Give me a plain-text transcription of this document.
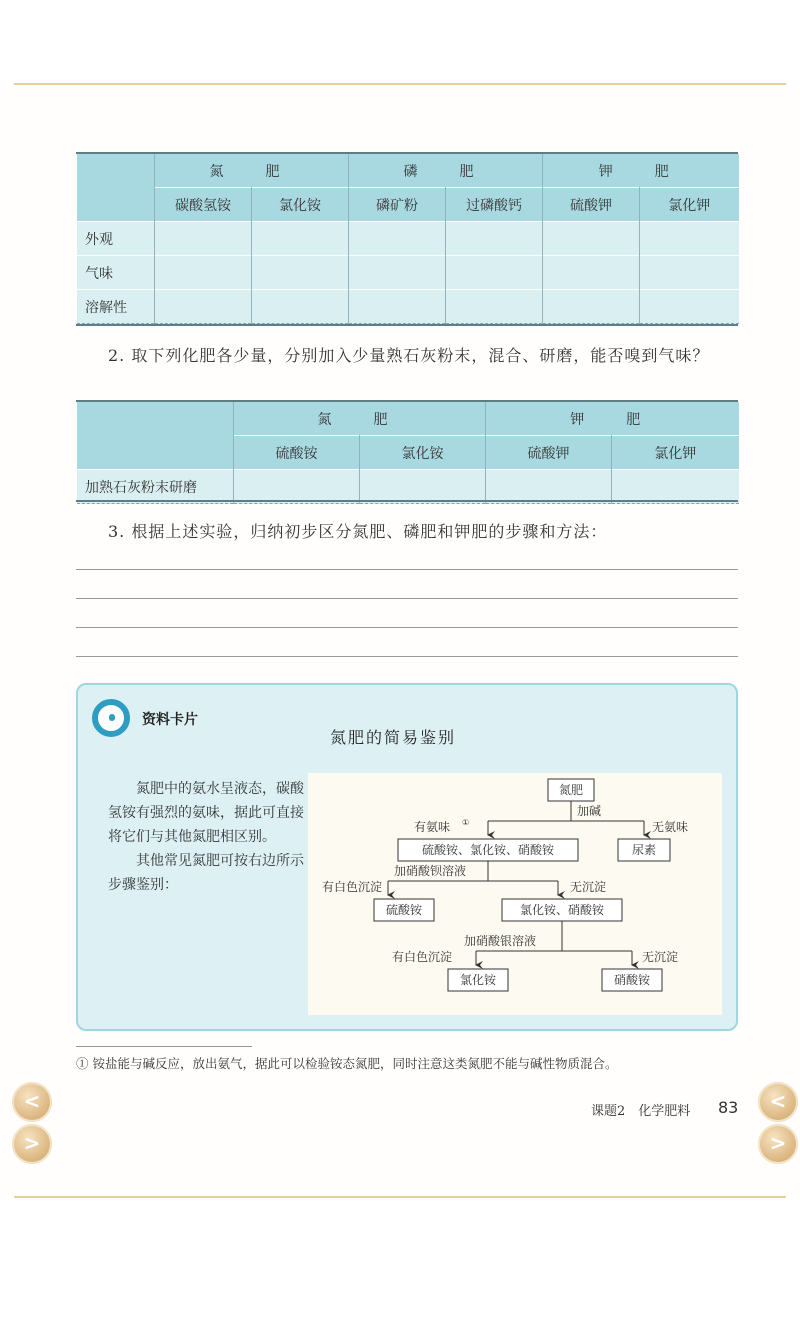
	氮　肥		磷　肥		钾　肥	
	碳酸氢铵	氯化铵	磷矿粉	过磷酸钙	硫酸钾	氯化钾
外观						
气味						
溶解性						
2. 取下列化肥各少量，分别加入少量熟石灰粉末，混合、研磨，能否嗅到气味？
	氮　肥		钾　肥	
	硫酸铵	氯化铵	硫酸钾	氯化钾
加熟石灰粉末研磨				
3. 根据上述实验，归纳初步区分氮肥、磷肥和钾肥的步骤和方法：
资料卡片
氮肥的简易鉴别

氮肥中的氨水呈液态，碳酸氢铵有强烈的氨味，据此可直接将它们与其他氮肥相区别。

其他常见氮肥可按右边所示步骤鉴别：

氮肥
加碱
有氨味 ①	无氨味
硫酸铵、氯化铵、硝酸铵	尿素
加硝酸钡溶液
有白色沉淀	无沉淀
硫酸铵	氯化铵、硝酸铵
加硝酸银溶液
有白色沉淀	无沉淀
氯化铵	硝酸铵
① 铵盐能与碱反应，放出氨气，据此可以检验铵态氮肥，同时注意这类氮肥不能与碱性物质混合。
课题2　化学肥料 83
<
>
<
>
